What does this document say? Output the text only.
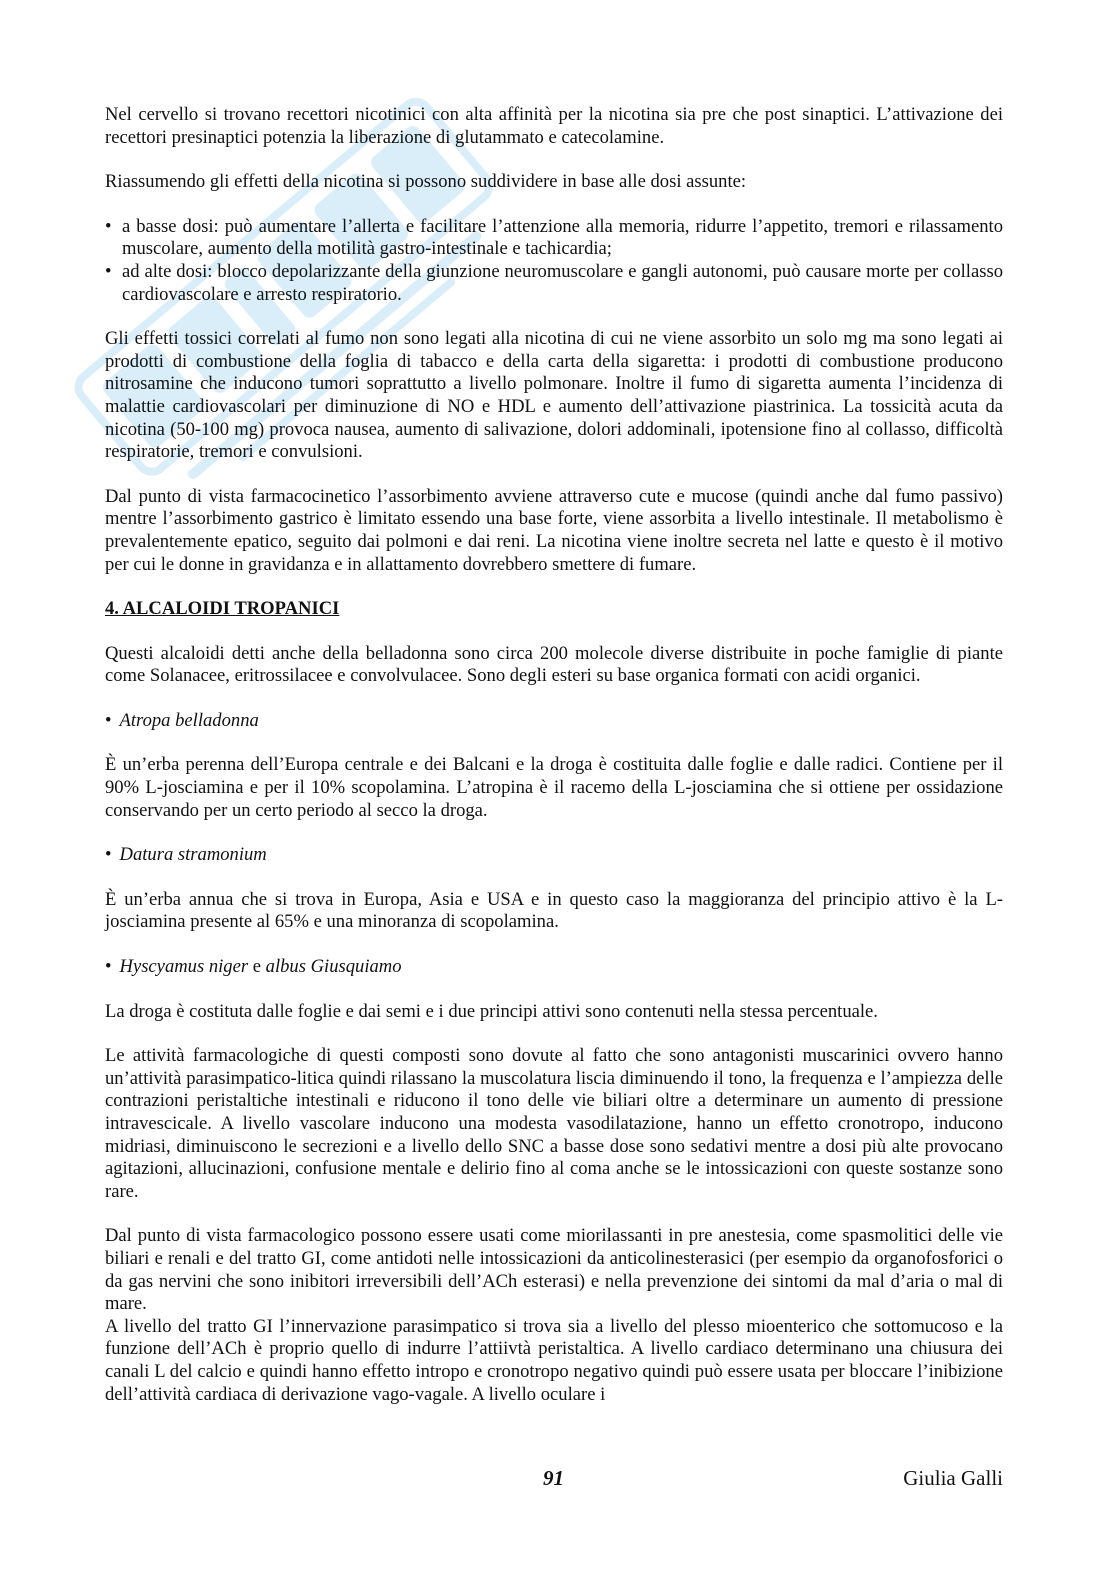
Nel cervello si trovano recettori nicotinici con alta affinità per la nicotina sia pre che post sinaptici. L’attivazione dei recettori presinaptici potenzia la liberazione di glutammato e catecolamine.

Riassumendo gli effetti della nicotina si possono suddividere in base alle dosi assunte:

• a basse dosi: può aumentare l’allerta e facilitare l’attenzione alla memoria, ridurre l’appetito, tremori e rilassamento muscolare, aumento della motilità gastro-intestinale e tachicardia;
• ad alte dosi: blocco depolarizzante della giunzione neuromuscolare e gangli autonomi, può causare morte per collasso cardiovascolare e arresto respiratorio.

Gli effetti tossici correlati al fumo non sono legati alla nicotina di cui ne viene assorbito un solo mg ma sono legati ai prodotti di combustione della foglia di tabacco e della carta della sigaretta: i prodotti di combustione producono nitrosamine che inducono tumori soprattutto a livello polmonare. Inoltre il fumo di sigaretta aumenta l’incidenza di malattie cardiovascolari per diminuzione di NO e HDL e aumento dell’attivazione piastrinica. La tossicità acuta da nicotina (50-100 mg) provoca nausea, aumento di salivazione, dolori addominali, ipotensione fino al collasso, difficoltà respiratorie, tremori e convulsioni.

Dal punto di vista farmacocinetico l’assorbimento avviene attraverso cute e mucose (quindi anche dal fumo passivo) mentre l’assorbimento gastrico è limitato essendo una base forte, viene assorbita a livello intestinale. Il metabolismo è prevalentemente epatico, seguito dai polmoni e dai reni. La nicotina viene inoltre secreta nel latte e questo è il motivo per cui le donne in gravidanza e in allattamento dovrebbero smettere di fumare.

4. ALCALOIDI TROPANICI

Questi alcaloidi detti anche della belladonna sono circa 200 molecole diverse distribuite in poche famiglie di piante come Solanacee, eritrossilacee e convolvulacee. Sono degli esteri su base organica formati con acidi organici.

• Atropa belladonna

È un’erba perenna dell’Europa centrale e dei Balcani e la droga è costituita dalle foglie e dalle radici. Contiene per il 90% L-josciamina e per il 10% scopolamina. L’atropina è il racemo della L-josciamina che si ottiene per ossidazione conservando per un certo periodo al secco la droga.

• Datura stramonium

È un’erba annua che si trova in Europa, Asia e USA e in questo caso la maggioranza del principio attivo è la L-josciamina presente al 65% e una minoranza di scopolamina.

• Hyscyamus niger e albus Giusquiamo

La droga è costituta dalle foglie e dai semi e i due principi attivi sono contenuti nella stessa percentuale.

Le attività farmacologiche di questi composti sono dovute al fatto che sono antagonisti muscarinici ovvero hanno un’attività parasimpatico-litica quindi rilassano la muscolatura liscia diminuendo il tono, la frequenza e l’ampiezza delle contrazioni peristaltiche intestinali e riducono il tono delle vie biliari oltre a determinare un aumento di pressione intravescicale. A livello vascolare inducono una modesta vasodilatazione, hanno un effetto cronotropo, inducono midriasi, diminuiscono le secrezioni e a livello dello SNC a basse dose sono sedativi mentre a dosi più alte provocano agitazioni, allucinazioni, confusione mentale e delirio fino al coma anche se le intossicazioni con queste sostanze sono rare.

Dal punto di vista farmacologico possono essere usati come miorilassanti in pre anestesia, come spasmolitici delle vie biliari e renali e del tratto GI, come antidoti nelle intossicazioni da anticolinesterasici (per esempio da organofosforici o da gas nervini che sono inibitori irreversibili dell’ACh esterasi) e nella prevenzione dei sintomi da mal d’aria o mal di mare.

A livello del tratto GI l’innervazione parasimpatico si trova sia a livello del plesso mioenterico che sottomucoso e la funzione dell’ACh è proprio quello di indurre l’attiivtà peristaltica. A livello cardiaco determinano una chiusura dei canali L del calcio e quindi hanno effetto intropo e cronotropo negativo quindi può essere usata per bloccare l’inibizione dell’attività cardiaca di derivazione vago-vagale. A livello oculare i

91	Giulia Galli
